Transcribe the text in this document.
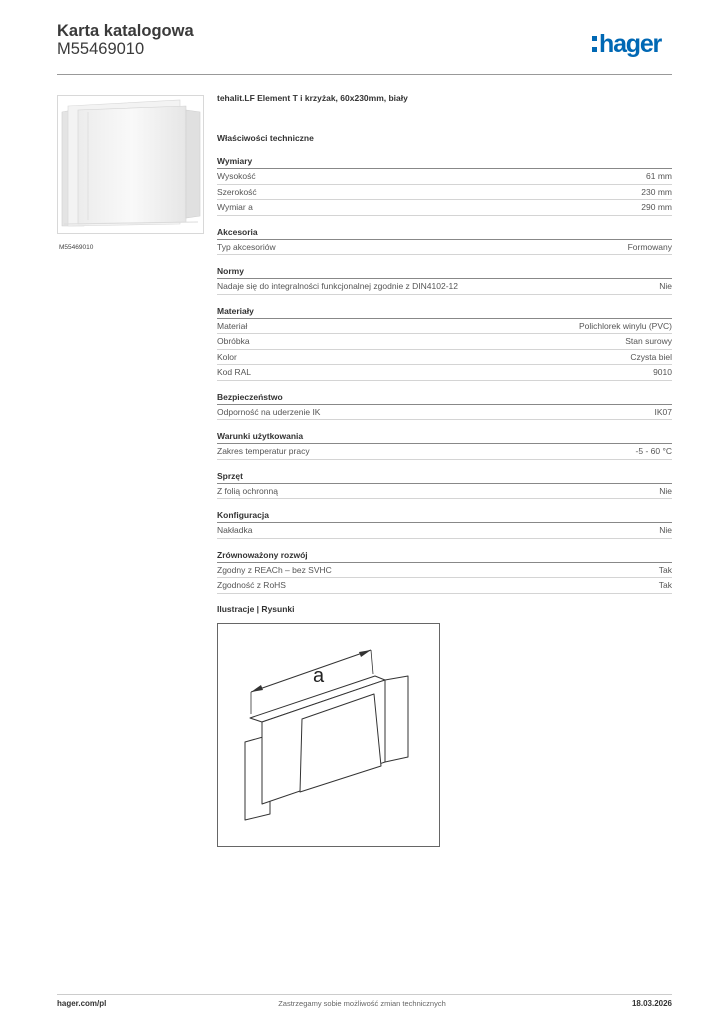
Karta katalogowa
M55469010	hager
M55469010
tehalit.LF Element T i krzyżak, 60x230mm, biały
Właściwości techniczne
Wymiary
Wysokość	61 mm
Szerokość	230 mm
Wymiar a	290 mm
Akcesoria
Typ akcesoriów	Formowany
Normy
Nadaje się do integralności funkcjonalnej zgodnie z DIN4102-12	Nie
Materiały
Materiał	Polichlorek winylu (PVC)
Obróbka	Stan surowy
Kolor	Czysta biel
Kod RAL	9010
Bezpieczeństwo
Odporność na uderzenie IK	IK07
Warunki użytkowania
Zakres temperatur pracy	-5 - 60 °C
Sprzęt
Z folią ochronną	Nie
Konfiguracja
Nakładka	Nie
Zrównoważony rozwój
Zgodny z REACh – bez SVHC	Tak
Zgodność z RoHS	Tak
Ilustracje | Rysunki
a
hager.com/pl	Zastrzegamy sobie możliwość zmian technicznych	18.03.2026
